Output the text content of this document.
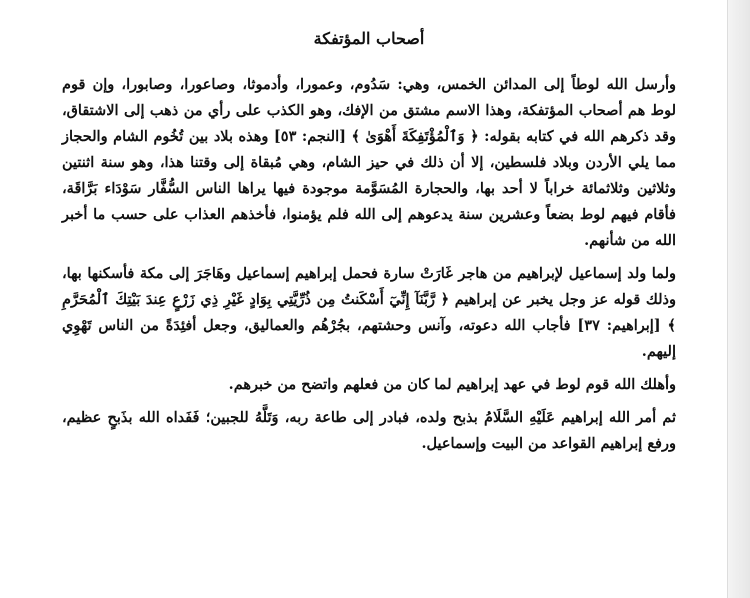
أصحاب المؤتفكة

وأرسل الله لوطاً إلى المدائن الخمس، وهي: سَدُوم، وعمورا، وأدموثا، وصاعورا، وصابورا، وإن قوم لوط هم أصحاب المؤتفكة، وهذا الاسم مشتق من الإفك، وهو الكذب على رأي من ذهب إلى الاشتقاق، وقد ذكرهم الله في كتابه بقوله: ﴿ وَٱلْمُؤْتَفِكَةَ أَهْوَىٰ ﴾ [النجم: ٥٣] وهذه بلاد بين تُخُوم الشام والحجاز مما يلي الأردن وبلاد فلسطين، إلا أن ذلك في حيز الشام، وهي مُبقاة إلى وقتنا هذا، وهو سنة اثنتين وثلاثين وثلاثمائة خراباً لا أحد بها، والحجارة المُسَوَّمة موجودة فيها يراها الناس السُّفَّار سَوْدَاء بَرَّاقَة، فأقام فيهم لوط بضعاً وعشرين سنة يدعوهم إلى الله فلم يؤمنوا، فأخذهم العذاب على حسب ما أخبر الله من شأنهم.

ولما ولد إسماعيل لإبراهيم من هاجر غَارَتْ سارة فحمل إبراهيم إسماعيل وهَاجَرَ إلى مكة فأسكنها بها، وذلك قوله عز وجل يخبر عن إبراهيم ﴿ رَّبَّنَآ إِنِّيٓ أَسْكَنتُ مِن ذُرِّيَّتِي بِوَادٍ غَيْرِ ذِي زَرْعٍ عِندَ بَيْتِكَ ٱلْمُحَرَّمِ ﴾ [إبراهيم: ٣٧] فأجاب الله دعوته، وآنس وحشتهم، بجُرْهُم والعماليق، وجعل أفئِدَةً من الناس تَهْوِي إليهم.

وأهلك الله قوم لوط في عهد إبراهيم لما كان من فعلهم واتضح من خبرهم.

ثم أمر الله إبراهيم عَلَيْهِ السَّلَامُ بذبح ولده، فبادر إلى طاعة ربه، وَتَلَّهُ للجبين؛ فَفَداه الله بذَبحٍ عظيم، ورفع إبراهيم القواعد من البيت وإسماعيل.
